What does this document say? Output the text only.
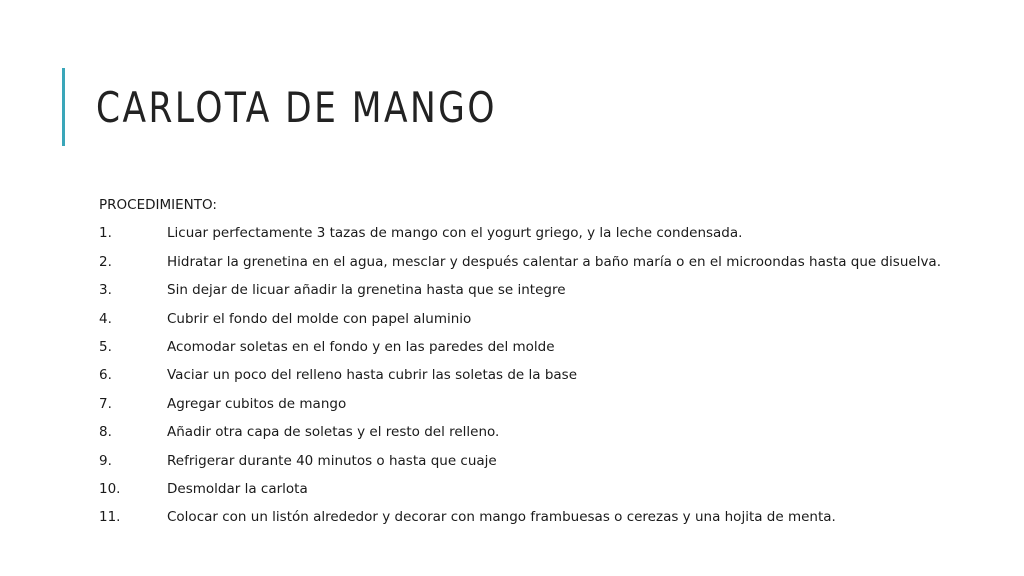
CARLOTA DE MANGO

PROCEDIMIENTO:

1.	Licuar perfectamente 3 tazas de mango con el yogurt griego, y la leche condensada.
2.	Hidratar la grenetina en el agua, mesclar y después calentar a baño maría o en el microondas hasta que disuelva.
3.	Sin dejar de licuar añadir la grenetina hasta que se integre
4.	Cubrir el fondo del molde con papel aluminio
5.	Acomodar soletas en el fondo y en las paredes del molde
6.	Vaciar un poco del relleno hasta cubrir las soletas de la base
7.	Agregar cubitos de mango
8.	Añadir otra capa de soletas y el resto del relleno.
9.	Refrigerar durante 40 minutos o hasta que cuaje
10.	Desmoldar la carlota
11.	Colocar con un listón alrededor y decorar con mango frambuesas o cerezas y una hojita de menta.
